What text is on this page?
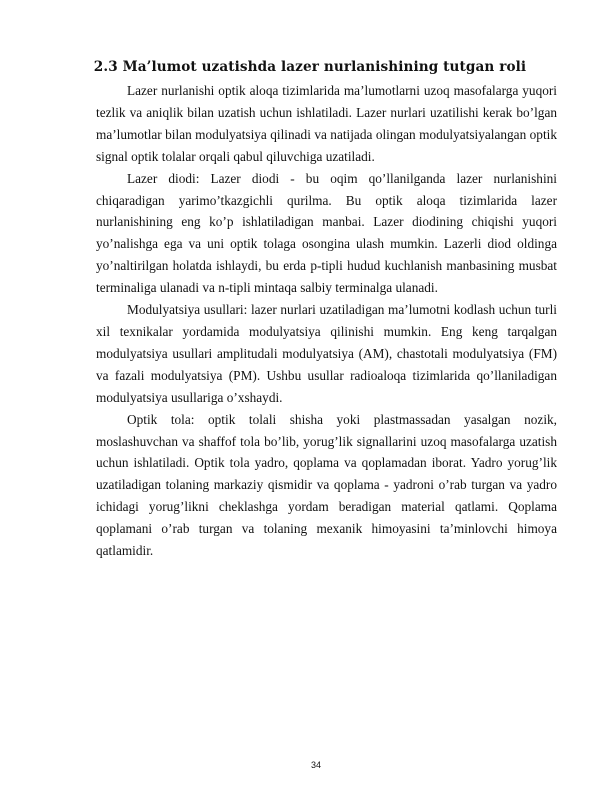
2.3 Ma’lumot uzatishda lazer nurlanishining tutgan roli

Lazer nurlanishi optik aloqa tizimlarida ma’lumotlarni uzoq masofalarga yuqori tezlik va aniqlik bilan uzatish uchun ishlatiladi. Lazer nurlari uzatilishi kerak bo’lgan ma’lumotlar bilan modulyatsiya qilinadi va natijada olingan modulyatsiyalangan optik signal optik tolalar orqali qabul qiluvchiga uzatiladi.

Lazer diodi: Lazer diodi - bu oqim qo’llanilganda lazer nurlanishini chiqaradigan yarimo’tkazgichli qurilma. Bu optik aloqa tizimlarida lazer nurlanishining eng ko’p ishlatiladigan manbai. Lazer diodining chiqishi yuqori yo’nalishga ega va uni optik tolaga osongina ulash mumkin. Lazerli diod oldinga yo’naltirilgan holatda ishlaydi, bu erda p-tipli hudud kuchlanish manbasining musbat terminaliga ulanadi va n-tipli mintaqa salbiy terminalga ulanadi.

Modulyatsiya usullari: lazer nurlari uzatiladigan ma’lumotni kodlash uchun turli xil texnikalar yordamida modulyatsiya qilinishi mumkin. Eng keng tarqalgan modulyatsiya usullari amplitudali modulyatsiya (AM), chastotali modulyatsiya (FM) va fazali modulyatsiya (PM). Ushbu usullar radioaloqa tizimlarida qo’llaniladigan modulyatsiya usullariga o’xshaydi.

Optik tola: optik tolali shisha yoki plastmassadan yasalgan nozik, moslashuvchan va shaffof tola bo’lib, yorug’lik signallarini uzoq masofalarga uzatish uchun ishlatiladi. Optik tola yadro, qoplama va qoplamadan iborat. Yadro yorug’lik uzatiladigan tolaning markaziy qismidir va qoplama - yadroni o’rab turgan va yadro ichidagi yorug’likni cheklashga yordam beradigan material qatlami. Qoplama qoplamani o’rab turgan va tolaning mexanik himoyasini ta’minlovchi himoya qatlamidir.

34
